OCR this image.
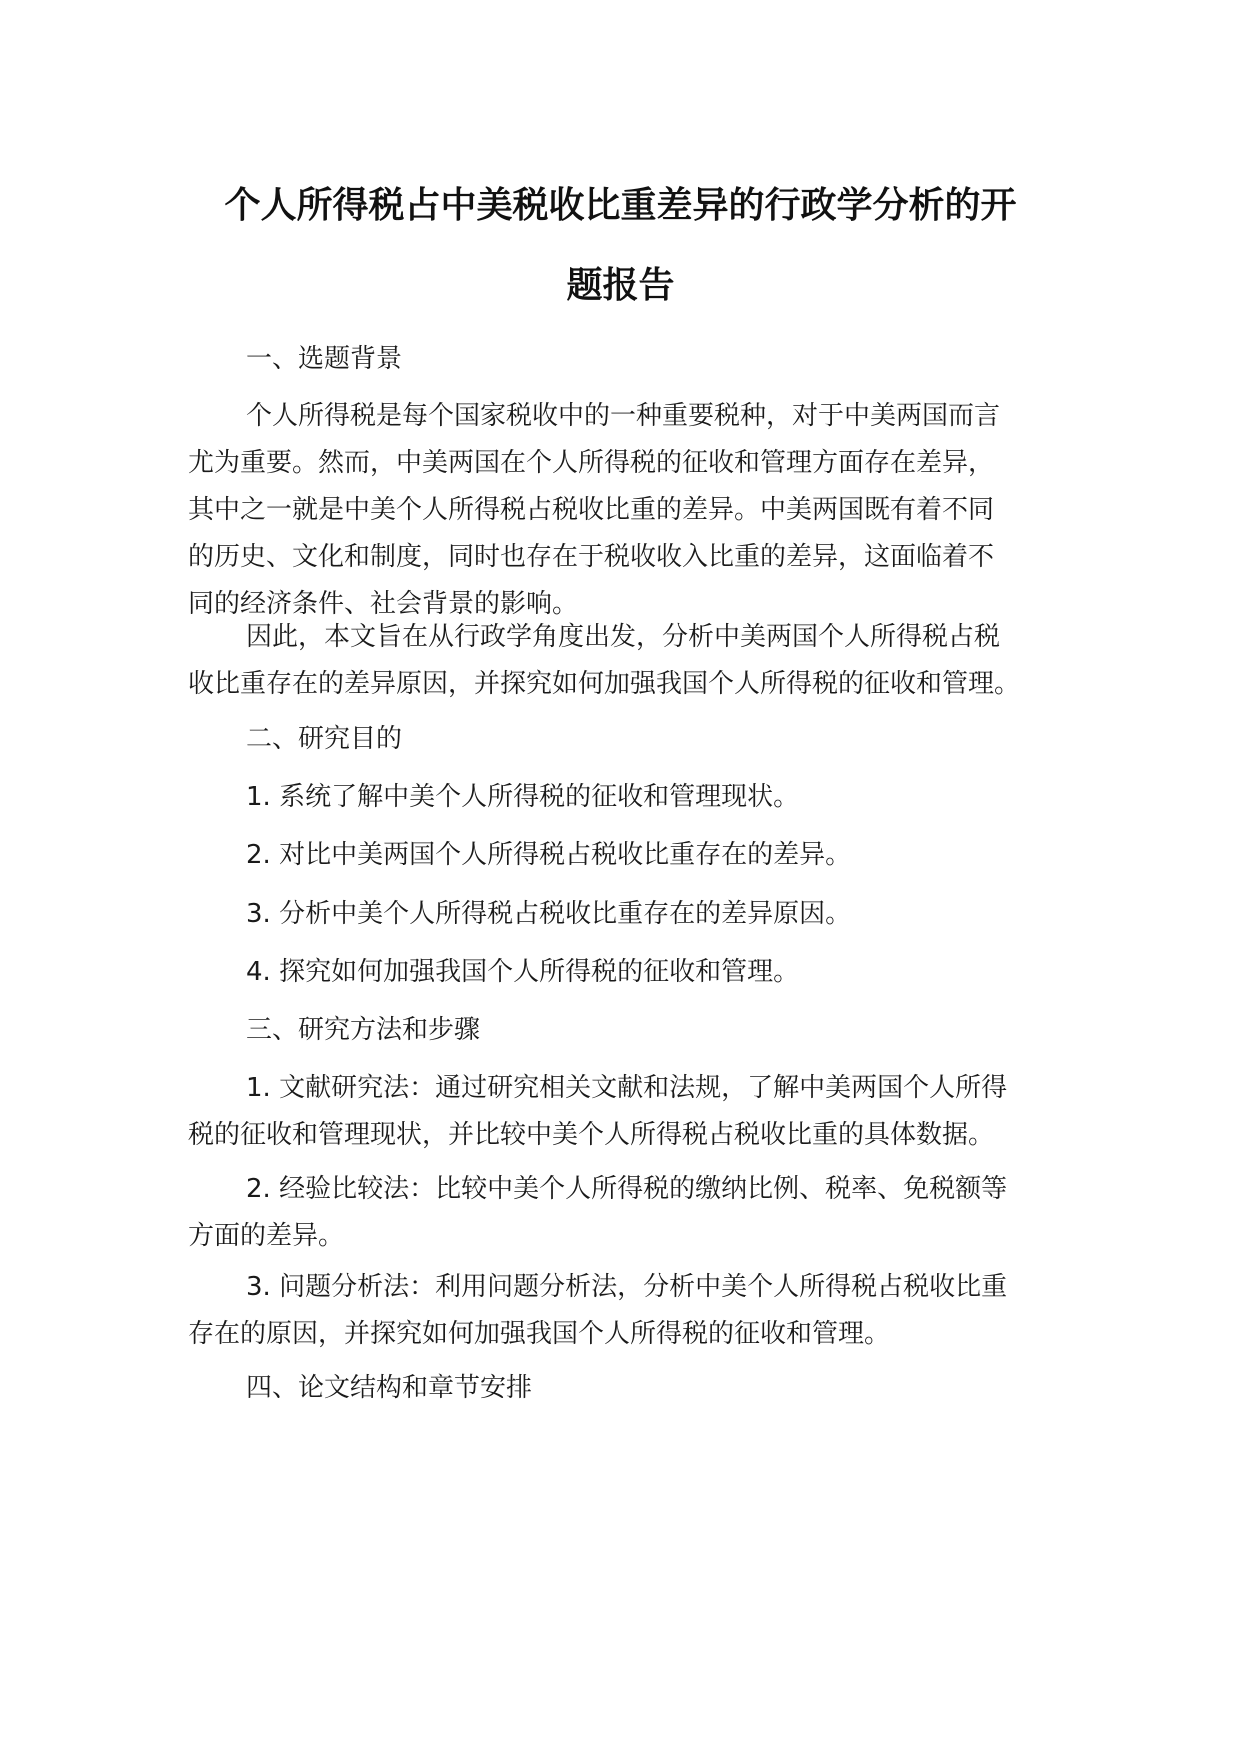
个人所得税占中美税收比重差异的行政学分析的开
题报告

一、选题背景

个人所得税是每个国家税收中的一种重要税种，对于中美两国而言
尤为重要。然而，中美两国在个人所得税的征收和管理方面存在差异，
其中之一就是中美个人所得税占税收比重的差异。中美两国既有着不同
的历史、文化和制度，同时也存在于税收收入比重的差异，这面临着不
同的经济条件、社会背景的影响。

因此，本文旨在从行政学角度出发，分析中美两国个人所得税占税
收比重存在的差异原因，并探究如何加强我国个人所得税的征收和管理。

二、研究目的

1. 系统了解中美个人所得税的征收和管理现状。

2. 对比中美两国个人所得税占税收比重存在的差异。

3. 分析中美个人所得税占税收比重存在的差异原因。

4. 探究如何加强我国个人所得税的征收和管理。

三、研究方法和步骤

1. 文献研究法：通过研究相关文献和法规，了解中美两国个人所得
税的征收和管理现状，并比较中美个人所得税占税收比重的具体数据。

2. 经验比较法：比较中美个人所得税的缴纳比例、税率、免税额等
方面的差异。

3. 问题分析法：利用问题分析法，分析中美个人所得税占税收比重
存在的原因，并探究如何加强我国个人所得税的征收和管理。

四、论文结构和章节安排
